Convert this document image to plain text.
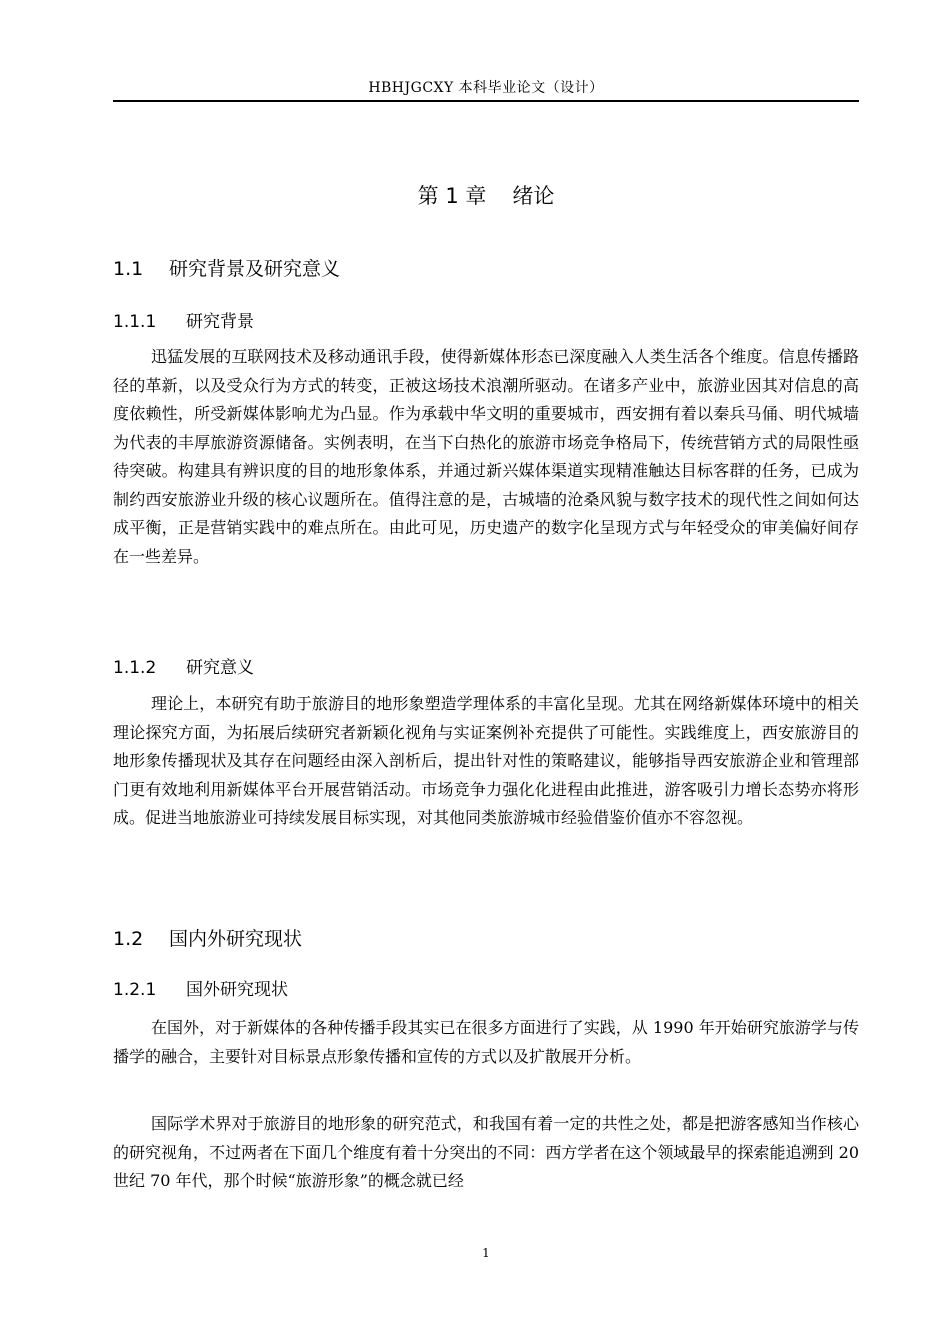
HBHJGCXY 本科毕业论文（设计）
第 1 章 绪论
1.1 研究背景及研究意义
1.1.1 研究背景

迅猛发展的互联网技术及移动通讯手段，使得新媒体形态已深度融入人类生活各个维度。信息传播路径的革新，以及受众行为方式的转变，正被这场技术浪潮所驱动。在诸多产业中，旅游业因其对信息的高度依赖性，所受新媒体影响尤为凸显。作为承载中华文明的重要城市，西安拥有着以秦兵马俑、明代城墙为代表的丰厚旅游资源储备。实例表明，在当下白热化的旅游市场竞争格局下，传统营销方式的局限性亟待突破。构建具有辨识度的目的地形象体系，并通过新兴媒体渠道实现精准触达目标客群的任务，已成为制约西安旅游业升级的核心议题所在。值得注意的是，古城墙的沧桑风貌与数字技术的现代性之间如何达成平衡，正是营销实践中的难点所在。由此可见，历史遗产的数字化呈现方式与年轻受众的审美偏好间存在一些差异。

1.1.2 研究意义

理论上，本研究有助于旅游目的地形象塑造学理体系的丰富化呈现。尤其在网络新媒体环境中的相关理论探究方面，为拓展后续研究者新颖化视角与实证案例补充提供了可能性。实践维度上，西安旅游目的地形象传播现状及其存在问题经由深入剖析后，提出针对性的策略建议，能够指导西安旅游企业和管理部门更有效地利用新媒体平台开展营销活动。市场竞争力强化化进程由此推进，游客吸引力增长态势亦将形成。促进当地旅游业可持续发展目标实现，对其他同类旅游城市经验借鉴价值亦不容忽视。

1.2 国内外研究现状
1.2.1 国外研究现状

在国外，对于新媒体的各种传播手段其实已在很多方面进行了实践，从 1990 年开始研究旅游学与传播学的融合，主要针对目标景点形象传播和宣传的方式以及扩散展开分析。

国际学术界对于旅游目的地形象的研究范式，和我国有着一定的共性之处，都是把游客感知当作核心的研究视角，不过两者在下面几个维度有着十分突出的不同：西方学者在这个领域最早的探索能追溯到 20 世纪 70 年代，那个时候“旅游形象”的概念就已经

1
